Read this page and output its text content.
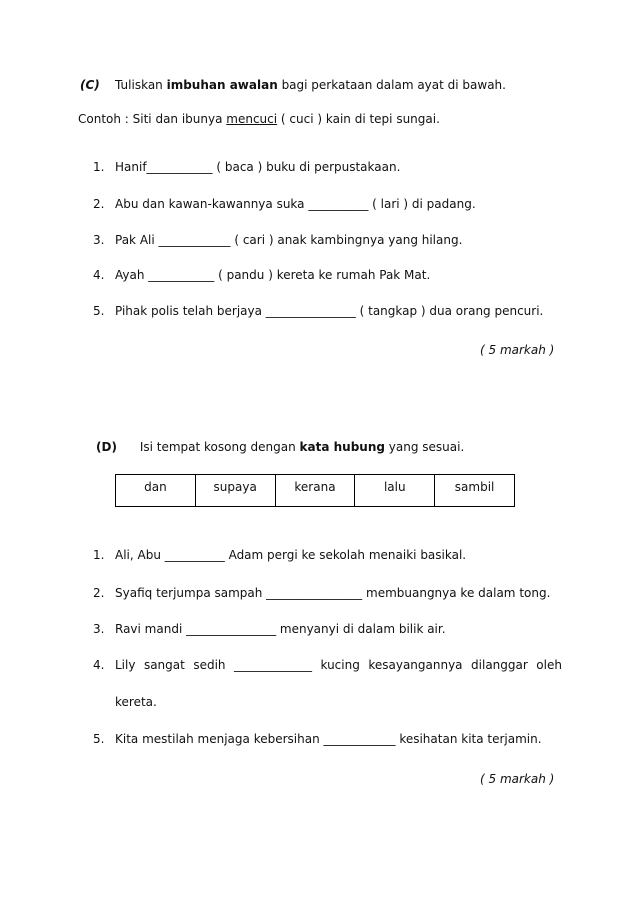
(C) Tuliskan imbuhan awalan bagi perkataan dalam ayat di bawah.
Contoh : Siti dan ibunya mencuci ( cuci ) kain di tepi sungai.
1. Hanif___________ ( baca ) buku di perpustakaan.
2. Abu dan kawan-kawannya suka __________ ( lari ) di padang.
3. Pak Ali ____________ ( cari ) anak kambingnya yang hilang.
4. Ayah ___________ ( pandu ) kereta ke rumah Pak Mat.
5. Pihak polis telah berjaya _______________ ( tangkap ) dua orang pencuri.
( 5 markah )
(D) Isi tempat kosong dengan kata hubung yang sesuai.
dan	supaya	kerana	lalu	sambil
1. Ali, Abu __________ Adam pergi ke sekolah menaiki basikal.
2. Syafiq terjumpa sampah ________________ membuangnya ke dalam tong.
3. Ravi mandi _______________ menyanyi di dalam bilik air.
4. Lily sangat sedih _____________ kucing kesayangannya dilanggar oleh
kereta.
5. Kita mestilah menjaga kebersihan ____________ kesihatan kita terjamin.
( 5 markah )
